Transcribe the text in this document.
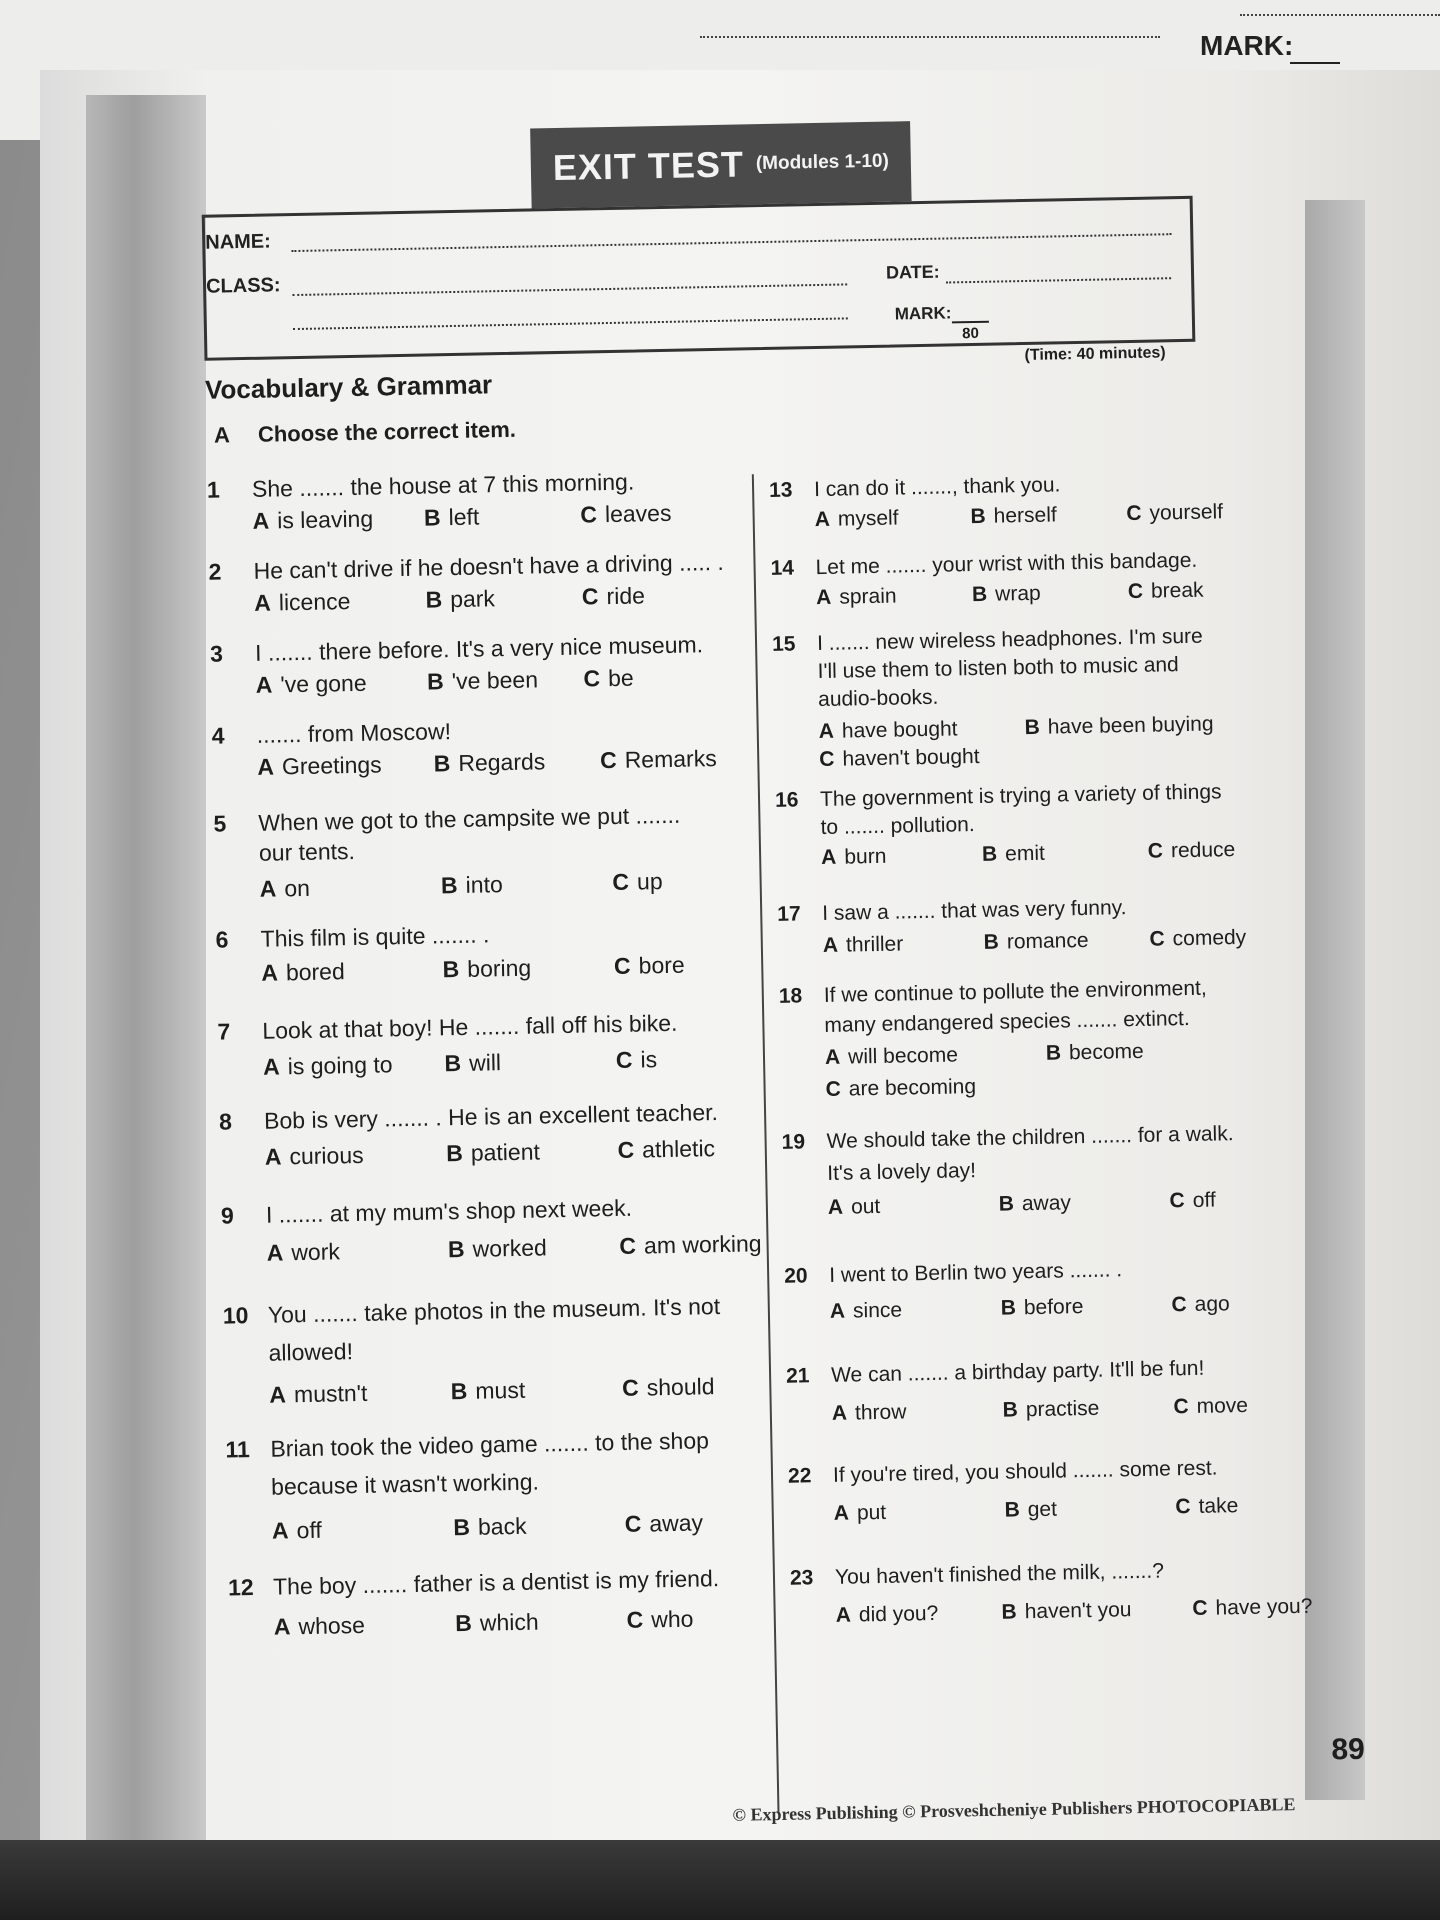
MARK:
EXIT TEST (Modules 1-10)
NAME:
CLASS:
DATE:
MARK:
80
(Time: 40 minutes)
Vocabulary & Grammar
A Choose the correct item.
1	She ....... the house at 7 this morning.
A is leaving B left	C leaves
2	He can't drive if he doesn't have a driving ..... .
A licence	B park	C ride
3	I ....... there before. It's a very nice museum.
A 've gone	B 've been C be
4	....... from Moscow!
A Greetings B Regards C Remarks
5	When we got to the campsite we put .......
our tents.
A on	B into	C up
6	This film is quite ....... .
A bored	B boring	C bore
7	Look at that boy! He ....... fall off his bike.
A is going to B will	C is
8	Bob is very ....... . He is an excellent teacher.
A curious	B patient	C athletic
9	I ....... at my mum's shop next week.
A work	B worked	C am working
10 You ....... take photos in the museum. It's not
allowed!
A mustn't	B must	C should
11 Brian took the video game ....... to the shop
because it wasn't working.
A off	B back	C away
12 The boy ....... father is a dentist is my friend.
A whose	B which	C who
13	I can do it ......., thank you.
A myself	B herself	C yourself
14	Let me ....... your wrist with this bandage.
A sprain	B wrap	C break
15	I ....... new wireless headphones. I'm sure
I'll use them to listen both to music and
audio-books.
A have bought	B have been buying
C haven't bought
16	The government is trying a variety of things
to ....... pollution.
A burn	B emit	C reduce
17	I saw a ....... that was very funny.
A thriller	B romance	C comedy
18	If we continue to pollute the environment,
many endangered species ....... extinct.
A will become	B become
C are becoming
19	We should take the children ....... for a walk.
It's a lovely day!
A out	B away	C off
20	I went to Berlin two years ....... .
A since	B before	C ago
21	We can ....... a birthday party. It'll be fun!
A throw	B practise	C move
22	If you're tired, you should ....... some rest.
A put	B get	C take
23	You haven't finished the milk, .......?
A did you?	B haven't you	C have you?
89
© Express Publishing © Prosveshcheniye Publishers PHOTOCOPIABLE
